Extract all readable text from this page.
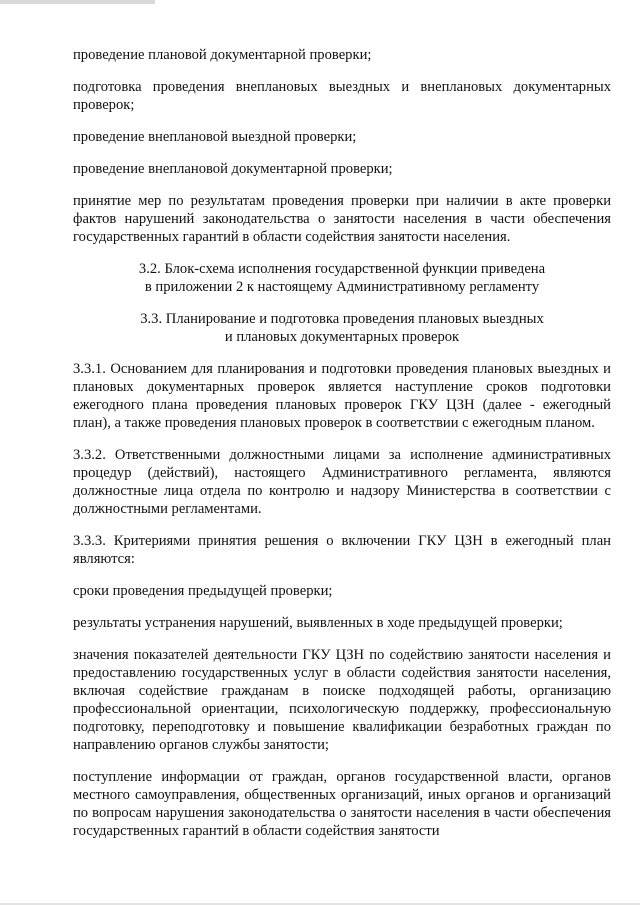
проведение плановой документарной проверки;

подготовка проведения внеплановых выездных и внеплановых документарных проверок;

проведение внеплановой выездной проверки;

проведение внеплановой документарной проверки;

принятие мер по результатам проведения проверки при наличии в акте проверки фактов нарушений законодательства о занятости населения в части обеспечения государственных гарантий в области содействия занятости населения.

3.2. Блок-схема исполнения государственной функции приведена
в приложении 2 к настоящему Административному регламенту
3.3. Планирование и подготовка проведения плановых выездных
и плановых документарных проверок

3.3.1. Основанием для планирования и подготовки проведения плановых выездных и плановых документарных проверок является наступление сроков подготовки ежегодного плана проведения плановых проверок ГКУ ЦЗН (далее - ежегодный план), а также проведения плановых проверок в соответствии с ежегодным планом.

3.3.2. Ответственными должностными лицами за исполнение административных процедур (действий), настоящего Административного регламента, являются должностные лица отдела по контролю и надзору Министерства в соответствии с должностными регламентами.

3.3.3. Критериями принятия решения о включении ГКУ ЦЗН в ежегодный план являются:

сроки проведения предыдущей проверки;

результаты устранения нарушений, выявленных в ходе предыдущей проверки;

значения показателей деятельности ГКУ ЦЗН по содействию занятости населения и предоставлению государственных услуг в области содействия занятости населения, включая содействие гражданам в поиске подходящей работы, организацию профессиональной ориентации, психологическую поддержку, профессиональную подготовку, переподготовку и повышение квалификации безработных граждан по направлению органов службы занятости;

поступление информации от граждан, органов государственной власти, органов местного самоуправления, общественных организаций, иных органов и организаций по вопросам нарушения законодательства о занятости населения в части обеспечения государственных гарантий в области содействия занятости
